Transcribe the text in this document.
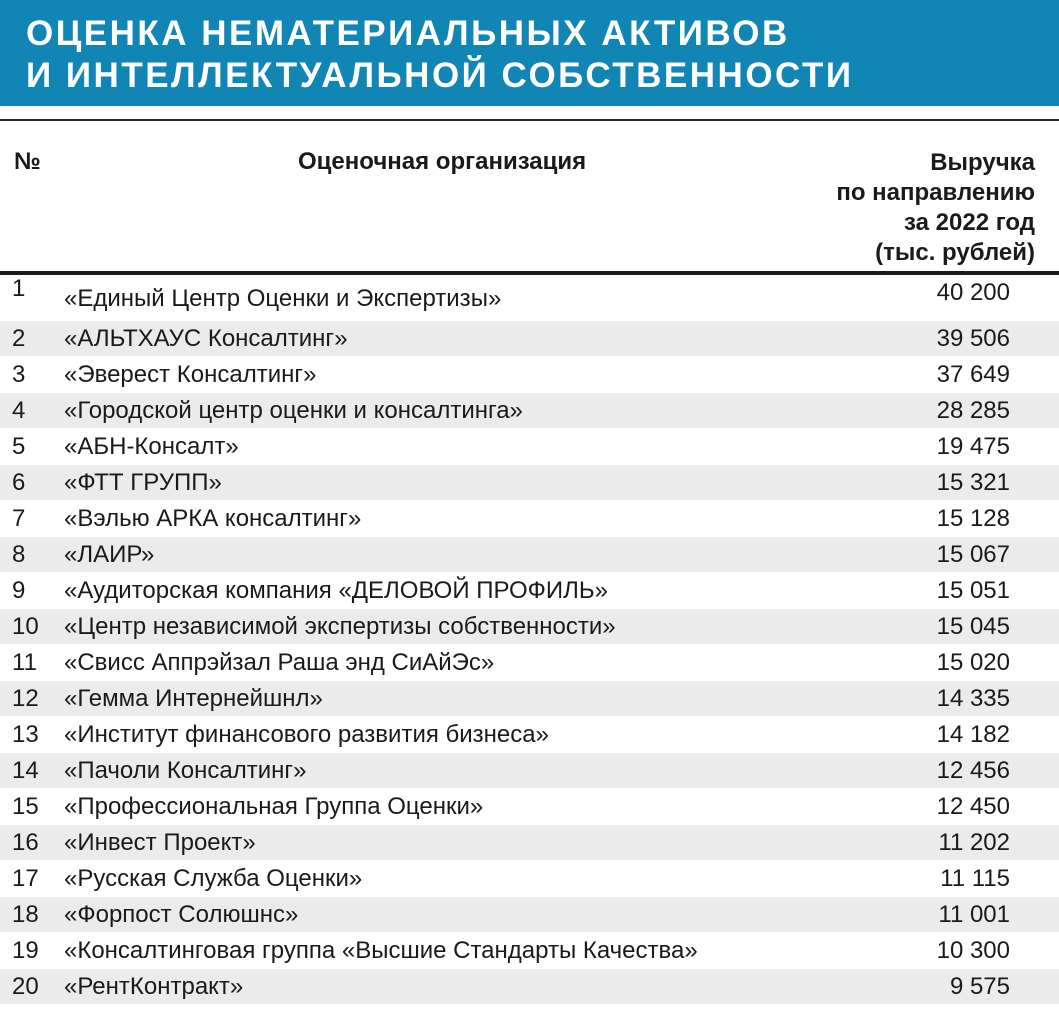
ОЦЕНКА НЕМАТЕРИАЛЬНЫХ АКТИВОВ
И ИНТЕЛЛЕКТУАЛЬНОЙ СОБСТВЕННОСТИ
№	Оценочная организация	Выручка
по направлению
за 2022 год
(тыс. рублей)
1 «Единый Центр Оценки и Экспертизы»	40 200
2 «АЛЬТХАУС Консалтинг»	39 506
3 «Эверест Консалтинг»	37 649
4 «Городской центр оценки и консалтинга»	28 285
5 «АБН-Консалт»	19 475
6 «ФТТ ГРУПП»	15 321
7 «Вэлью АРКА консалтинг»	15 128
8 «ЛАИР»	15 067
9 «Аудиторская компания «ДЕЛОВОЙ ПРОФИЛЬ»	15 051
10 «Центр независимой экспертизы собственности»	15 045
11 «Свисс Аппрэйзал Раша энд СиАйЭс»	15 020
12 «Гемма Интернейшнл»	14 335
13 «Институт финансового развития бизнеса»	14 182
14 «Пачоли Консалтинг»	12 456
15 «Профессиональная Группа Оценки»	12 450
16 «Инвест Проект»	11 202
17 «Русская Служба Оценки»	11 115
18 «Форпост Солюшнс»	11 001
19 «Консалтинговая группа «Высшие Стандарты Качества»	10 300
20 «РентКонтракт»	9 575
